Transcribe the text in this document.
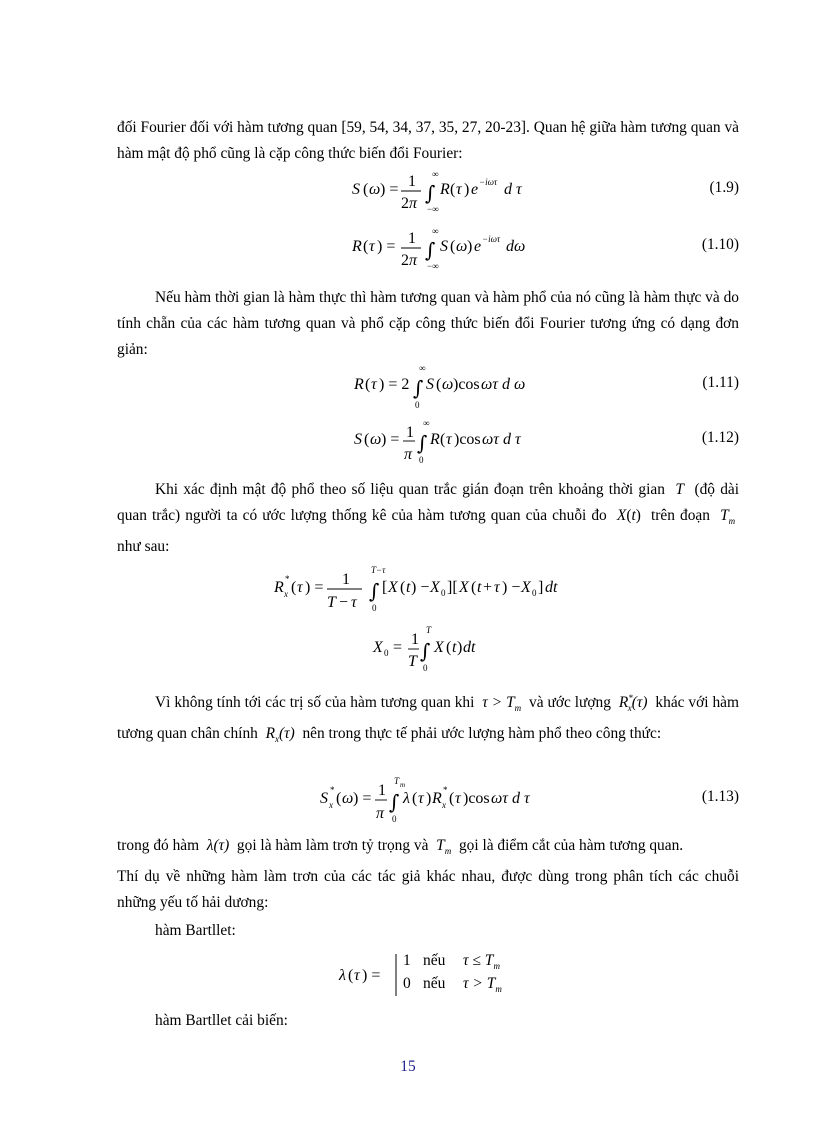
đối Fourier đối với hàm tương quan [59, 54, 34, 37, 35, 27, 20-23]. Quan hệ giữa hàm tương quan và hàm mật độ phổ cũng là cặp công thức biến đổi Fourier:

S ( ω ) = 1
2 π ∫
∞
−∞
R ( τ ) e −iωτ d τ	(1.9)
R ( τ ) = 1
2 π ∫
∞
−∞
S ( ω ) e −iωτ dω	(1.10)

Nếu hàm thời gian là hàm thực thì hàm tương quan và hàm phổ của nó cũng là hàm thực và do tính chẵn của các hàm tương quan và phổ cặp công thức biến đổi Fourier tương ứng có dạng đơn giản:

R ( τ ) = 2 ∫
∞
0
S ( ω )cos ωτ d ω	(1.11)
S ( ω ) = 1
π ∫
∞
0
R ( τ )cos ωτ d τ	(1.12)

Khi xác định mật độ phổ theo số liệu quan trắc gián đoạn trên khoảng thời gian  T  (độ dài quan trắc) người ta có ước lượng thống kê của hàm tương quan của chuỗi đo  X(t)  trên đoạn  $T_m$  như sau:

R *
x ( τ ) = 1
T − τ ∫
T−τ
0
[ X ( t ) − X 0 ][ X ( t + τ ) − X 0 ] dt
X 0 = 1
T ∫
T
0
X ( t ) dt

Vì không tính tới các trị số của hàm tương quan khi  $\tau > T_m$ và ước lượng  $R^*_x(\tau)$  khác với hàm tương quan chân chính  $R_x(\tau)$  nên trong thực tế phải ước lượng hàm phổ theo công thức:

S *
x ( ω ) = 1
π ∫
T m
0
λ ( τ ) R *
x ( τ )cos ωτ d τ	(1.13)

trong đó hàm  λ(τ)  gọi là hàm làm trơn tỷ trọng và  $T_m$ gọi là điểm cắt của hàm tương quan.

Thí dụ về những hàm làm trơn của các tác giả khác nhau, được dùng trong phân tích các chuỗi những yếu tố hải dương:

hàm Bartllet:

λ ( τ ) =
1 nếu $\tau \le T_m$
0 nếu $\tau > T_m$

hàm Bartllet cải biến:

15
